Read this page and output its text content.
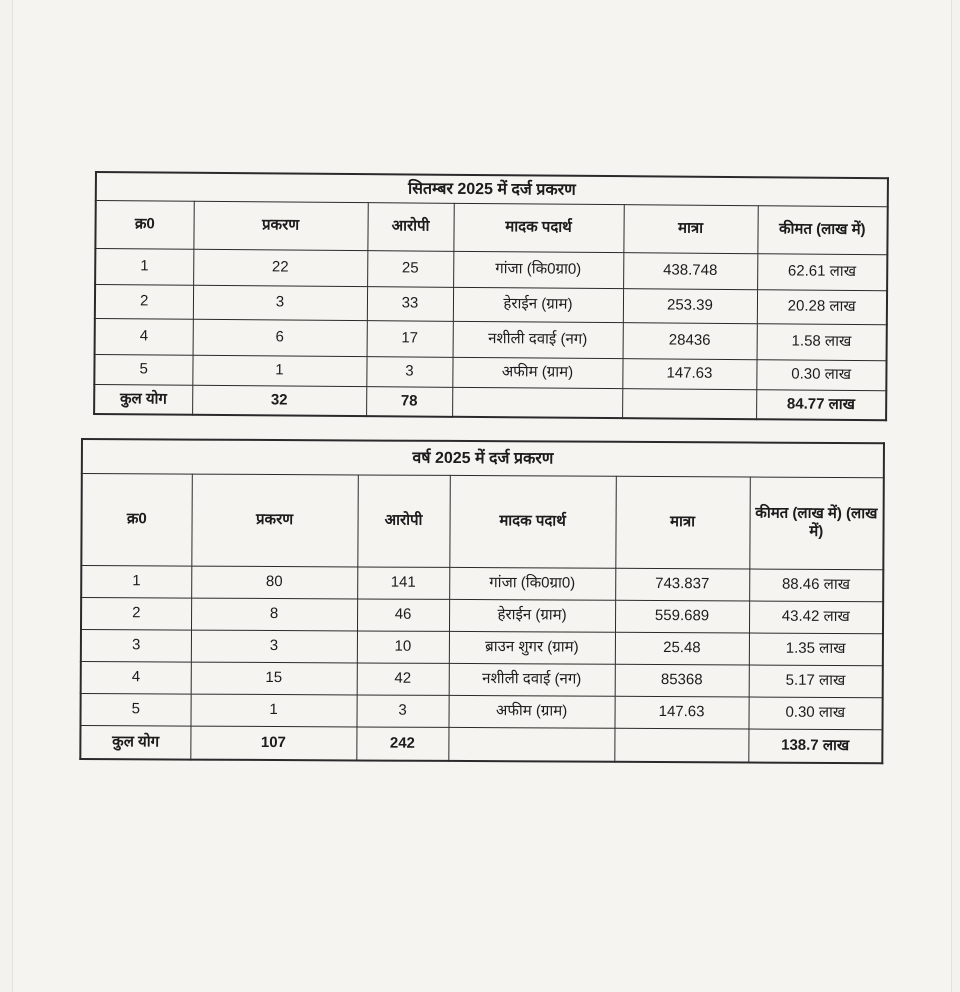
सितम्बर 2025 में दर्ज प्रकरण					
क्र0	प्रकरण	आरोपी	मादक पदार्थ	मात्रा	कीमत (लाख में)
1	22	25	गांजा (कि0ग्रा0)	438.748	62.61 लाख
2	3	33	हेराईन (ग्राम)	253.39	20.28 लाख
4	6	17	नशीली दवाई (नग)	28436	1.58 लाख
5	1	3	अफीम (ग्राम)	147.63	0.30 लाख
कुल योग	32	78			84.77 लाख
वर्ष 2025 में दर्ज प्रकरण					
क्र0	प्रकरण	आरोपी	मादक पदार्थ	मात्रा	कीमत (लाख में) (लाख में)
1	80	141	गांजा (कि0ग्रा0)	743.837	88.46 लाख
2	8	46	हेराईन (ग्राम)	559.689	43.42 लाख
3	3	10	ब्राउन शुगर (ग्राम)	25.48	1.35 लाख
4	15	42	नशीली दवाई (नग)	85368	5.17 लाख
5	1	3	अफीम (ग्राम)	147.63	0.30 लाख
कुल योग	107	242			138.7 लाख
